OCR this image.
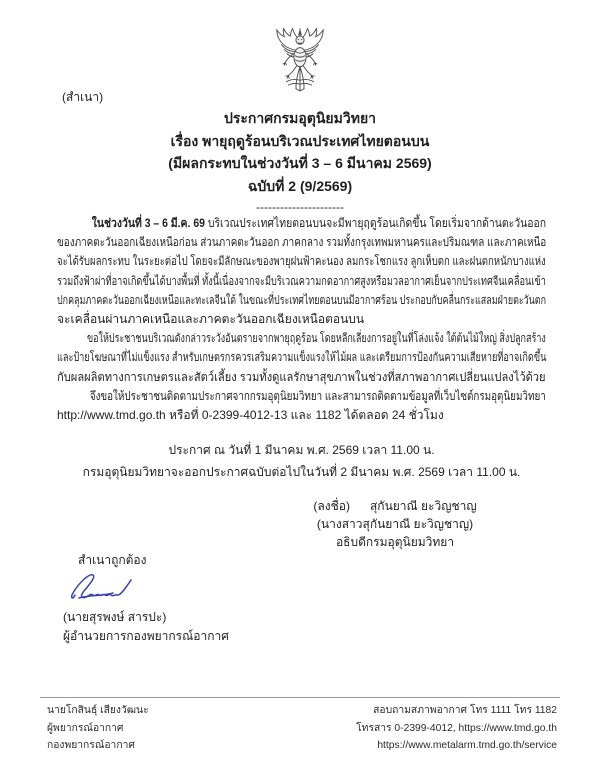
(สำเนา)
ประกาศกรมอุตุนิยมวิทยา
เรื่อง พายุฤดูร้อนบริเวณประเทศไทยตอนบน
(มีผลกระทบในช่วงวันที่ 3 – 6 มีนาคม 2569)
ฉบับที่ 2 (9/2569)
----------------------
ในช่วงวันที่ 3 – 6 มี.ค. 69 บริเวณประเทศไทยตอนบนจะมีพายุฤดูร้อนเกิดขึ้น โดยเริ่มจากด้านตะวันออก
ของภาคตะวันออกเฉียงเหนือก่อน ส่วนภาคตะวันออก ภาคกลาง รวมทั้งกรุงเทพมหานครและปริมณฑล และภาคเหนือ
จะได้รับผลกระทบ ในระยะต่อไป โดยจะมีลักษณะของพายุฝนฟ้าคะนอง ลมกระโชกแรง ลูกเห็บตก และฝนตกหนักบางแห่ง
รวมถึงฟ้าผ่าที่อาจเกิดขึ้นได้บางพื้นที่ ทั้งนี้เนื่องจากจะมีบริเวณความกดอากาศสูงหรือมวลอากาศเย็นจากประเทศจีนเคลื่อนเข้า
ปกคลุมภาคตะวันออกเฉียงเหนือและทะเลจีนใต้ ในขณะที่ประเทศไทยตอนบนมีอากาศร้อน ประกอบกับคลื่นกระแสลมฝ่ายตะวันตก
จะเคลื่อนผ่านภาคเหนือและภาคตะวันออกเฉียงเหนือตอนบน
ขอให้ประชาชนบริเวณดังกล่าวระวังอันตรายจากพายุฤดูร้อน โดยหลีกเลี่ยงการอยู่ในที่โล่งแจ้ง ใต้ต้นไม้ใหญ่ สิ่งปลูกสร้าง
และป้ายโฆษณาที่ไม่แข็งแรง สำหรับเกษตรกรควรเสริมความแข็งแรงให้ไม้ผล และเตรียมการป้องกันความเสียหายที่อาจเกิดขึ้น
กับผลผลิตทางการเกษตรและสัตว์เลี้ยง รวมทั้งดูแลรักษาสุขภาพในช่วงที่สภาพอากาศเปลี่ยนแปลงไว้ด้วย
จึงขอให้ประชาชนติดตามประกาศจากกรมอุตุนิยมวิทยา และสามารถติดตามข้อมูลที่เว็บไซต์กรมอุตุนิยมวิทยา
http://www.tmd.go.th หรือที่ 0-2399-4012-13 และ 1182 ได้ตลอด 24 ชั่วโมง
ประกาศ ณ วันที่ 1 มีนาคม พ.ศ. 2569 เวลา 11.00 น.
กรมอุตุนิยมวิทยาจะออกประกาศฉบับต่อไปในวันที่ 2 มีนาคม พ.ศ. 2569 เวลา 11.00 น.
(ลงชื่อ) สุกันยาณี ยะวิญชาญ
(นางสาวสุกันยาณี ยะวิญชาญ)
อธิบดีกรมอุตุนิยมวิทยา
สำเนาถูกต้อง
(นายสุรพงษ์ สารปะ)
ผู้อำนวยการกองพยากรณ์อากาศ
นายโกสินธุ์ เสียงวัฒนะ
ผู้พยากรณ์อากาศ
กองพยากรณ์อากาศ
สอบถามสภาพอากาศ โทร 1111 โทร 1182
โทรสาร 0-2399-4012, https://www.tmd.go.th
https://www.metalarm.tmd.go.th/service
